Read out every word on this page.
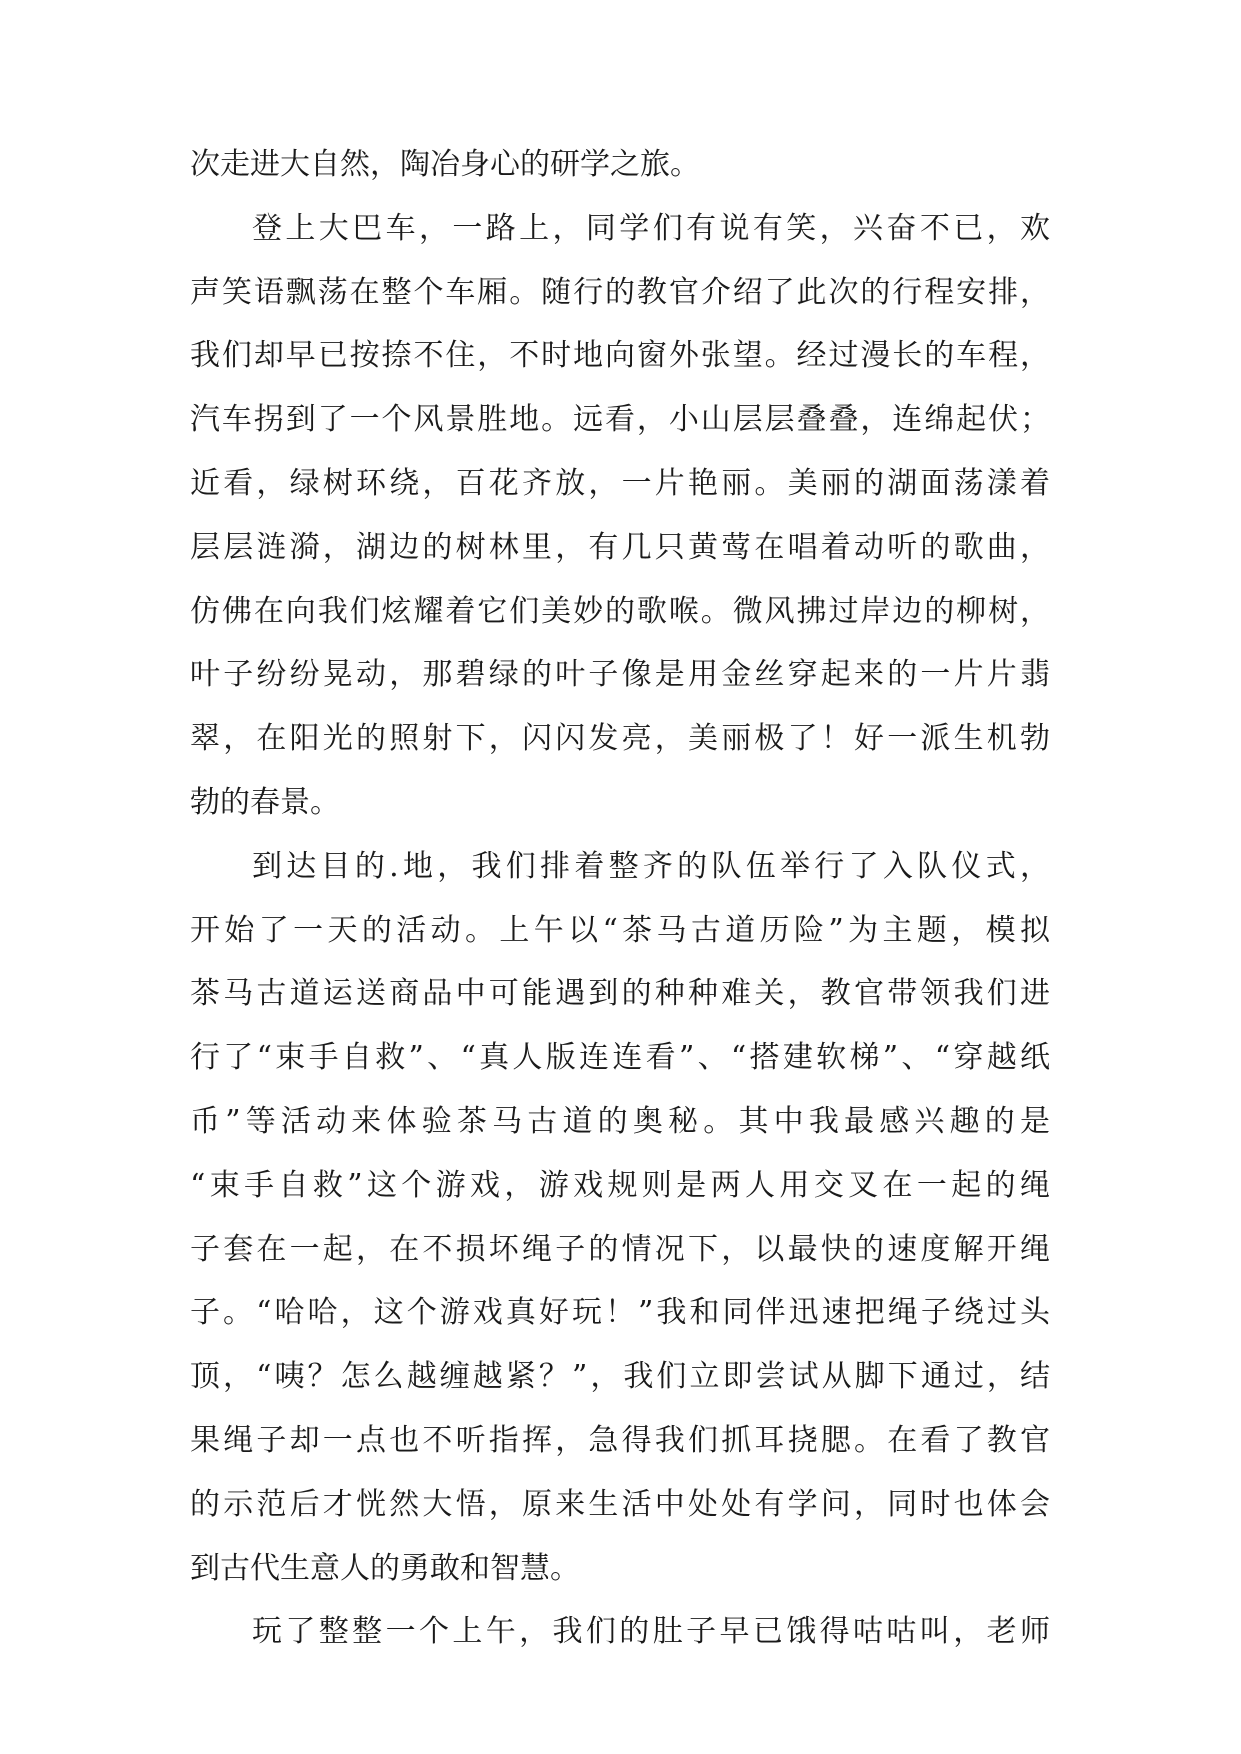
次走进大自然，陶冶身心的研学之旅。
登上大巴车，一路上，同学们有说有笑，兴奋不已，欢
声笑语飘荡在整个车厢。随行的教官介绍了此次的行程安排，
我们却早已按捺不住，不时地向窗外张望。经过漫长的车程，
汽车拐到了一个风景胜地。远看，小山层层叠叠，连绵起伏；
近看，绿树环绕，百花齐放，一片艳丽。美丽的湖面荡漾着
层层涟漪，湖边的树林里，有几只黄莺在唱着动听的歌曲，
仿佛在向我们炫耀着它们美妙的歌喉。微风拂过岸边的柳树，
叶子纷纷晃动，那碧绿的叶子像是用金丝穿起来的一片片翡
翠，在阳光的照射下，闪闪发亮，美丽极了！好一派生机勃
勃的春景。
到达目的.地，我们排着整齐的队伍举行了入队仪式，
开始了一天的活动。上午以“茶马古道历险”为主题，模拟
茶马古道运送商品中可能遇到的种种难关，教官带领我们进
行了“束手自救”、“真人版连连看”、“搭建软梯”、“穿越纸
币”等活动来体验茶马古道的奥秘。其中我最感兴趣的是
“束手自救”这个游戏，游戏规则是两人用交叉在一起的绳
子套在一起，在不损坏绳子的情况下，以最快的速度解开绳
子。“哈哈，这个游戏真好玩！”我和同伴迅速把绳子绕过头
顶，“咦？怎么越缠越紧？”，我们立即尝试从脚下通过，结
果绳子却一点也不听指挥，急得我们抓耳挠腮。在看了教官
的示范后才恍然大悟，原来生活中处处有学问，同时也体会
到古代生意人的勇敢和智慧。
玩了整整一个上午，我们的肚子早已饿得咕咕叫，老师
